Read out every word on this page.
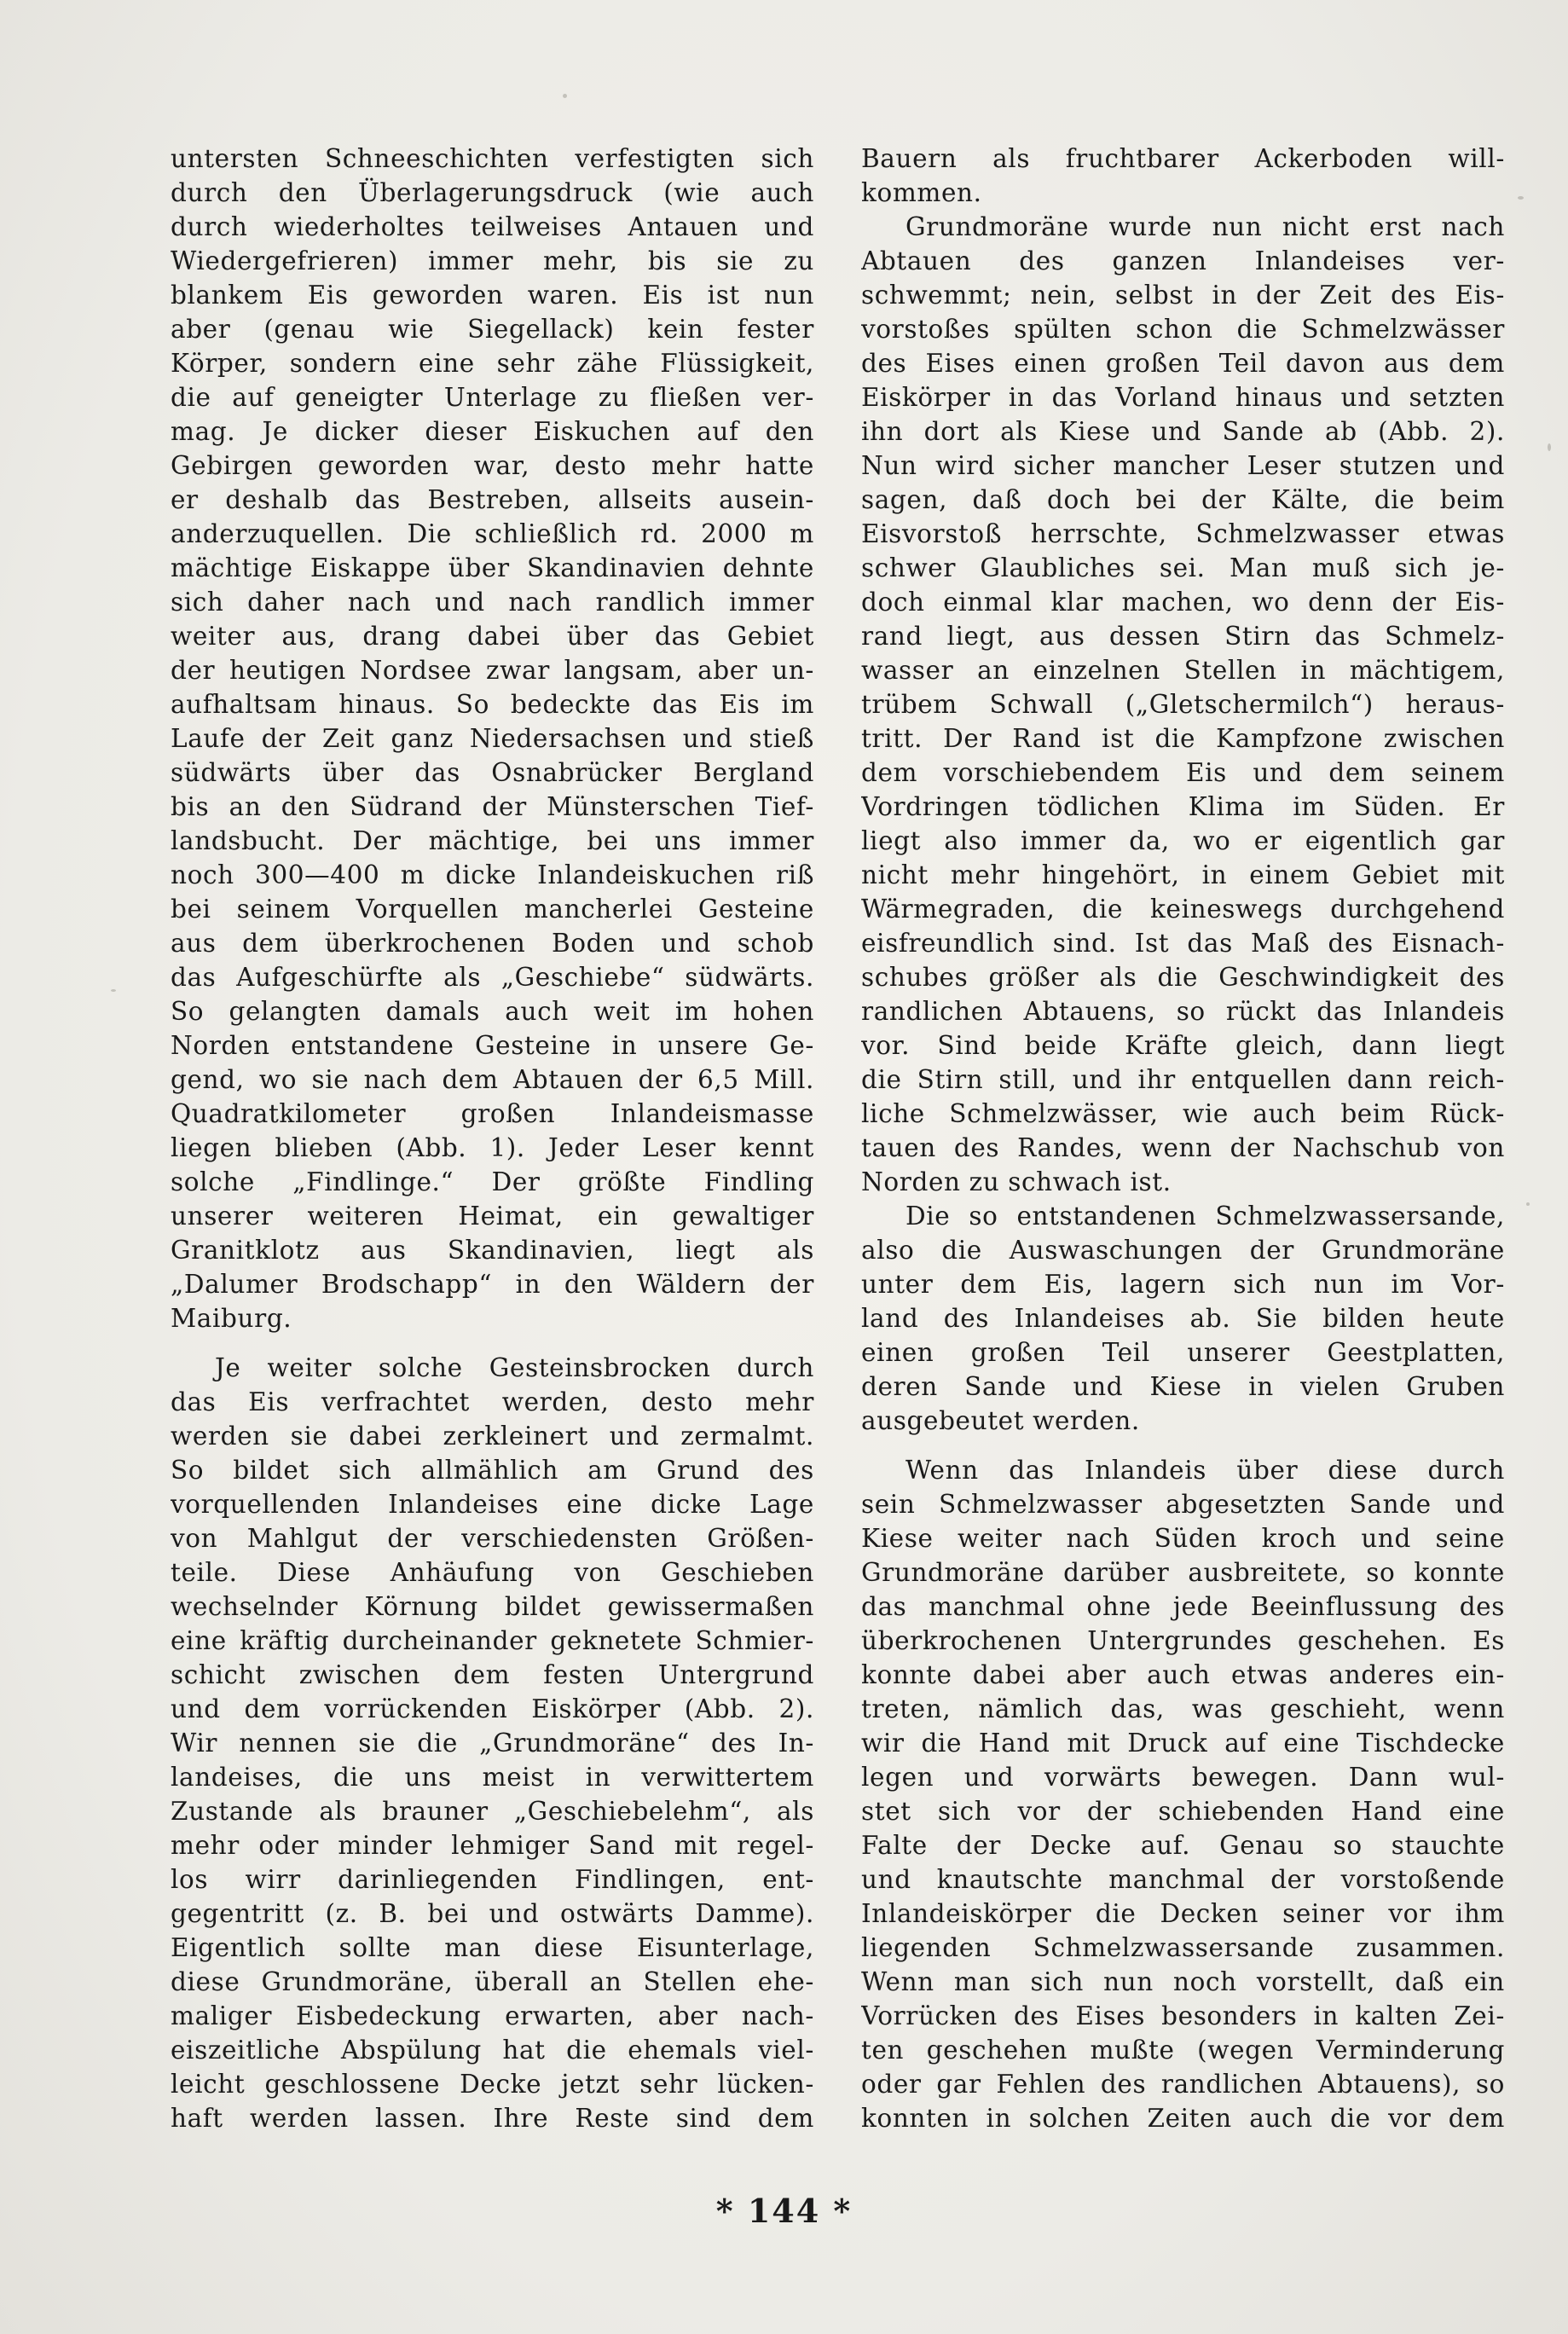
untersten Schneeschichten verfestigten sich
durch den Überlagerungsdruck (wie auch
durch wiederholtes teilweises Antauen und
Wiedergefrieren) immer mehr, bis sie zu
blankem Eis geworden waren. Eis ist nun
aber (genau wie Siegellack) kein fester
Körper, sondern eine sehr zähe Flüssigkeit,
die auf geneigter Unterlage zu fließen ver-
mag. Je dicker dieser Eiskuchen auf den
Gebirgen geworden war, desto mehr hatte
er deshalb das Bestreben, allseits ausein-
anderzuquellen. Die schließlich rd. 2000 m
mächtige Eiskappe über Skandinavien dehnte
sich daher nach und nach randlich immer
weiter aus, drang dabei über das Gebiet
der heutigen Nordsee zwar langsam, aber un-
aufhaltsam hinaus. So bedeckte das Eis im
Laufe der Zeit ganz Niedersachsen und stieß
südwärts über das Osnabrücker Bergland
bis an den Südrand der Münsterschen Tief-
landsbucht. Der mächtige, bei uns immer
noch 300—400 m dicke Inlandeiskuchen riß
bei seinem Vorquellen mancherlei Gesteine
aus dem überkrochenen Boden und schob
das Aufgeschürfte als „Geschiebe“ südwärts.
So gelangten damals auch weit im hohen
Norden entstandene Gesteine in unsere Ge-
gend, wo sie nach dem Abtauen der 6,5 Mill.
Quadratkilometer großen Inlandeismasse
liegen blieben (Abb. 1). Jeder Leser kennt
solche „Findlinge.“ Der größte Findling
unserer weiteren Heimat, ein gewaltiger
Granitklotz aus Skandinavien, liegt als
„Dalumer Brodschapp“ in den Wäldern der
Maiburg.
Je weiter solche Gesteinsbrocken durch
das Eis verfrachtet werden, desto mehr
werden sie dabei zerkleinert und zermalmt.
So bildet sich allmählich am Grund des
vorquellenden Inlandeises eine dicke Lage
von Mahlgut der verschiedensten Größen-
teile. Diese Anhäufung von Geschieben
wechselnder Körnung bildet gewissermaßen
eine kräftig durcheinander geknetete Schmier-
schicht zwischen dem festen Untergrund
und dem vorrückenden Eiskörper (Abb. 2).
Wir nennen sie die „Grundmoräne“ des In-
landeises, die uns meist in verwittertem
Zustande als brauner „Geschiebelehm“, als
mehr oder minder lehmiger Sand mit regel-
los wirr darinliegenden Findlingen, ent-
gegentritt (z. B. bei und ostwärts Damme).
Eigentlich sollte man diese Eisunterlage,
diese Grundmoräne, überall an Stellen ehe-
maliger Eisbedeckung erwarten, aber nach-
eiszeitliche Abspülung hat die ehemals viel-
leicht geschlossene Decke jetzt sehr lücken-
haft werden lassen. Ihre Reste sind dem
Bauern als fruchtbarer Ackerboden will-
kommen.
Grundmoräne wurde nun nicht erst nach
Abtauen des ganzen Inlandeises ver-
schwemmt; nein, selbst in der Zeit des Eis-
vorstoßes spülten schon die Schmelzwässer
des Eises einen großen Teil davon aus dem
Eiskörper in das Vorland hinaus und setzten
ihn dort als Kiese und Sande ab (Abb. 2).
Nun wird sicher mancher Leser stutzen und
sagen, daß doch bei der Kälte, die beim
Eisvorstoß herrschte, Schmelzwasser etwas
schwer Glaubliches sei. Man muß sich je-
doch einmal klar machen, wo denn der Eis-
rand liegt, aus dessen Stirn das Schmelz-
wasser an einzelnen Stellen in mächtigem,
trübem Schwall („Gletschermilch“) heraus-
tritt. Der Rand ist die Kampfzone zwischen
dem vorschiebendem Eis und dem seinem
Vordringen tödlichen Klima im Süden. Er
liegt also immer da, wo er eigentlich gar
nicht mehr hingehört, in einem Gebiet mit
Wärmegraden, die keineswegs durchgehend
eisfreundlich sind. Ist das Maß des Eisnach-
schubes größer als die Geschwindigkeit des
randlichen Abtauens, so rückt das Inlandeis
vor. Sind beide Kräfte gleich, dann liegt
die Stirn still, und ihr entquellen dann reich-
liche Schmelzwässer, wie auch beim Rück-
tauen des Randes, wenn der Nachschub von
Norden zu schwach ist.
Die so entstandenen Schmelzwassersande,
also die Auswaschungen der Grundmoräne
unter dem Eis, lagern sich nun im Vor-
land des Inlandeises ab. Sie bilden heute
einen großen Teil unserer Geestplatten,
deren Sande und Kiese in vielen Gruben
ausgebeutet werden.
Wenn das Inlandeis über diese durch
sein Schmelzwasser abgesetzten Sande und
Kiese weiter nach Süden kroch und seine
Grundmoräne darüber ausbreitete, so konnte
das manchmal ohne jede Beeinflussung des
überkrochenen Untergrundes geschehen. Es
konnte dabei aber auch etwas anderes ein-
treten, nämlich das, was geschieht, wenn
wir die Hand mit Druck auf eine Tischdecke
legen und vorwärts bewegen. Dann wul-
stet sich vor der schiebenden Hand eine
Falte der Decke auf. Genau so stauchte
und knautschte manchmal der vorstoßende
Inlandeiskörper die Decken seiner vor ihm
liegenden Schmelzwassersande zusammen.
Wenn man sich nun noch vorstellt, daß ein
Vorrücken des Eises besonders in kalten Zei-
ten geschehen mußte (wegen Verminderung
oder gar Fehlen des randlichen Abtauens), so
konnten in solchen Zeiten auch die vor dem
* 144 *
